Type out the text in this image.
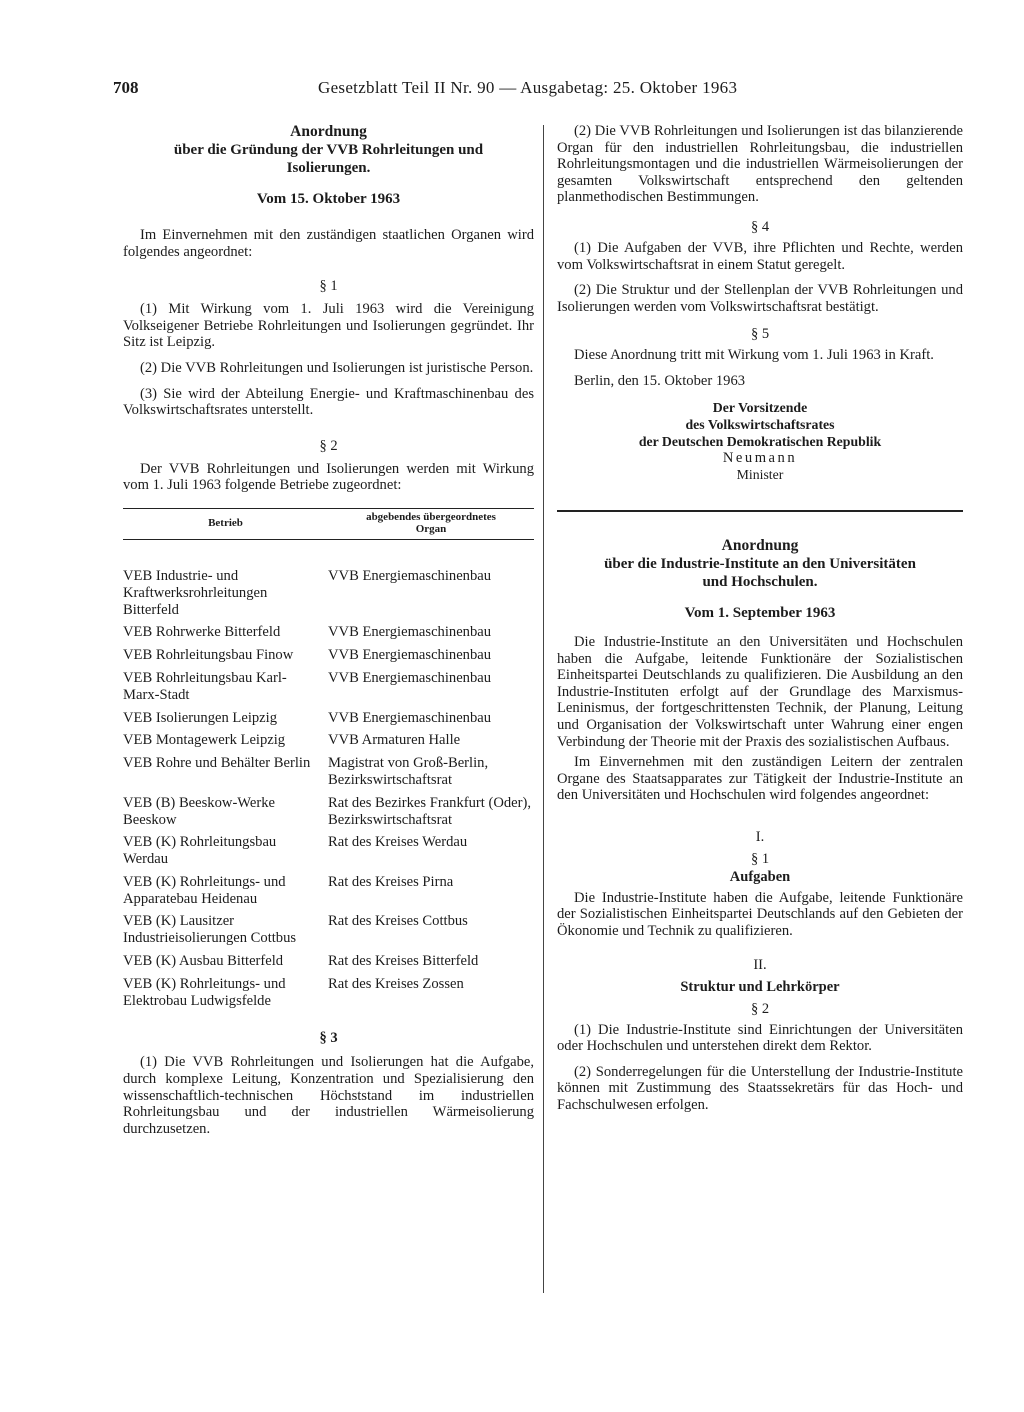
708	Gesetzblatt Teil II Nr. 90 — Ausgabetag: 25. Oktober 1963

Anordnung

über die Gründung der VVB Rohrleitungen und

Isolierungen.

Vom 15. Oktober 1963

Im Einvernehmen mit den zuständigen staatlichen Organen wird folgendes angeordnet:

§ 1

(1) Mit Wirkung vom 1. Juli 1963 wird die Vereinigung Volkseigener Betriebe Rohrleitungen und Isolierungen gegründet. Ihr Sitz ist Leipzig.

(2) Die VVB Rohrleitungen und Isolierungen ist juristische Person.

(3) Sie wird der Abteilung Energie- und Kraftmaschinenbau des Volkswirtschaftsrates unterstellt.

§ 2

Der VVB Rohrleitungen und Isolierungen werden mit Wirkung vom 1. Juli 1963 folgende Betriebe zugeordnet:

Betrieb	abgebendes übergeordnetes
Organ

VEB Industrie- und Kraftwerksrohrleitungen Bitterfeld	VVB Energiemaschinenbau
VEB Rohrwerke Bitterfeld	VVB Energiemaschinenbau
VEB Rohrleitungsbau Finow	VVB Energiemaschinenbau
VEB Rohrleitungsbau Karl-Marx-Stadt	VVB Energiemaschinenbau
VEB Isolierungen Leipzig	VVB Energiemaschinenbau
VEB Montagewerk Leipzig	VVB Armaturen Halle
VEB Rohre und Behälter Berlin	Magistrat von Groß-Berlin, Bezirkswirtschaftsrat
VEB (B) Beeskow-Werke Beeskow	Rat des Bezirkes Frankfurt (Oder), Bezirkswirtschaftsrat
VEB (K) Rohrleitungsbau Werdau	Rat des Kreises Werdau
VEB (K) Rohrleitungs- und Apparatebau Heidenau	Rat des Kreises Pirna
VEB (K) Lausitzer Industrieisolierungen Cottbus	Rat des Kreises Cottbus
VEB (K) Ausbau Bitterfeld	Rat des Kreises Bitterfeld
VEB (K) Rohrleitungs- und Elektrobau Ludwigsfelde	Rat des Kreises Zossen

§ 3

(1) Die VVB Rohrleitungen und Isolierungen hat die Aufgabe, durch komplexe Leitung, Konzentration und Spezialisierung den wissenschaftlich-technischen Höchststand im industriellen Rohrleitungsbau und der industriellen Wärmeisolierung durchzusetzen.

(2) Die VVB Rohrleitungen und Isolierungen ist das bilanzierende Organ für den industriellen Rohrleitungsbau, die industriellen Rohrleitungsmontagen und die industriellen Wärmeisolierungen der gesamten Volkswirtschaft entsprechend den geltenden planmethodischen Bestimmungen.

§ 4

(1) Die Aufgaben der VVB, ihre Pflichten und Rechte, werden vom Volkswirtschaftsrat in einem Statut geregelt.

(2) Die Struktur und der Stellenplan der VVB Rohrleitungen und Isolierungen werden vom Volkswirtschaftsrat bestätigt.

§ 5

Diese Anordnung tritt mit Wirkung vom 1. Juli 1963 in Kraft.

Berlin, den 15. Oktober 1963

Der Vorsitzende

des Volkswirtschaftsrates

der Deutschen Demokratischen Republik

Neumann

Minister

Anordnung

über die Industrie-Institute an den Universitäten

und Hochschulen.

Vom 1. September 1963

Die Industrie-Institute an den Universitäten und Hochschulen haben die Aufgabe, leitende Funktionäre der Sozialistischen Einheitspartei Deutschlands zu qualifizieren. Die Ausbildung an den Industrie-Instituten erfolgt auf der Grundlage des Marxismus-Leninismus, der fortgeschrittensten Technik, der Planung, Leitung und Organisation der Volkswirtschaft unter Wahrung einer engen Verbindung der Theorie mit der Praxis des sozialistischen Aufbaus.

Im Einvernehmen mit den zuständigen Leitern der zentralen Organe des Staatsapparates zur Tätigkeit der Industrie-Institute an den Universitäten und Hochschulen wird folgendes angeordnet:

I.

§ 1

Aufgaben

Die Industrie-Institute haben die Aufgabe, leitende Funktionäre der Sozialistischen Einheitspartei Deutschlands auf den Gebieten der Ökonomie und Technik zu qualifizieren.

II.

Struktur und Lehrkörper

§ 2

(1) Die Industrie-Institute sind Einrichtungen der Universitäten oder Hochschulen und unterstehen direkt dem Rektor.

(2) Sonderregelungen für die Unterstellung der Industrie-Institute können mit Zustimmung des Staatssekretärs für das Hoch- und Fachschulwesen erfolgen.
